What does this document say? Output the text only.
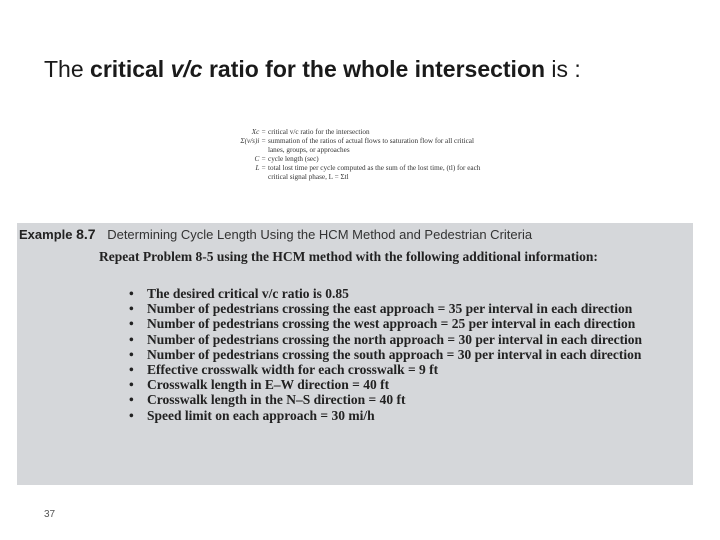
The critical v/c ratio for the whole intersection is :
Xc = critical v/c ratio for the intersection
Σ(v/s)i = summation of the ratios of actual flows to saturation flow for all critical lanes, groups, or approaches
C = cycle length (sec)
L = total lost time per cycle computed as the sum of the lost time, (tl) for each critical signal phase, L = Σtl
Example 8.7 Determining Cycle Length Using the HCM Method and Pedestrian Criteria
Repeat Problem 8-5 using the HCM method with the following additional information:
• The desired critical v/c ratio is 0.85
• Number of pedestrians crossing the east approach = 35 per interval in each direction
• Number of pedestrians crossing the west approach = 25 per interval in each direction
• Number of pedestrians crossing the north approach = 30 per interval in each direction
• Number of pedestrians crossing the south approach = 30 per interval in each direction
• Effective crosswalk width for each crosswalk = 9 ft
• Crosswalk length in E–W direction = 40 ft
• Crosswalk length in the N–S direction = 40 ft
• Speed limit on each approach = 30 mi/h
37
